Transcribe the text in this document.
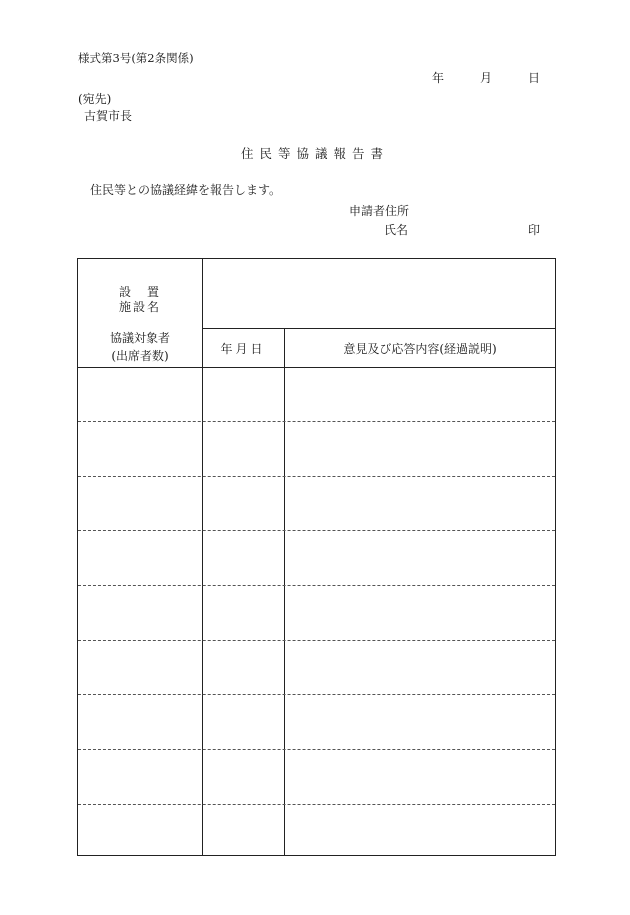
様式第3号(第2条関係)
年	月	日
(宛先)
古賀市長
住民等協議報告書
住民等との協議経緯を報告します。
申請者住所
氏名	印
設　置
施設名
協議対象者
(出席者数)	年月日	意見及び応答内容(経過説明)
